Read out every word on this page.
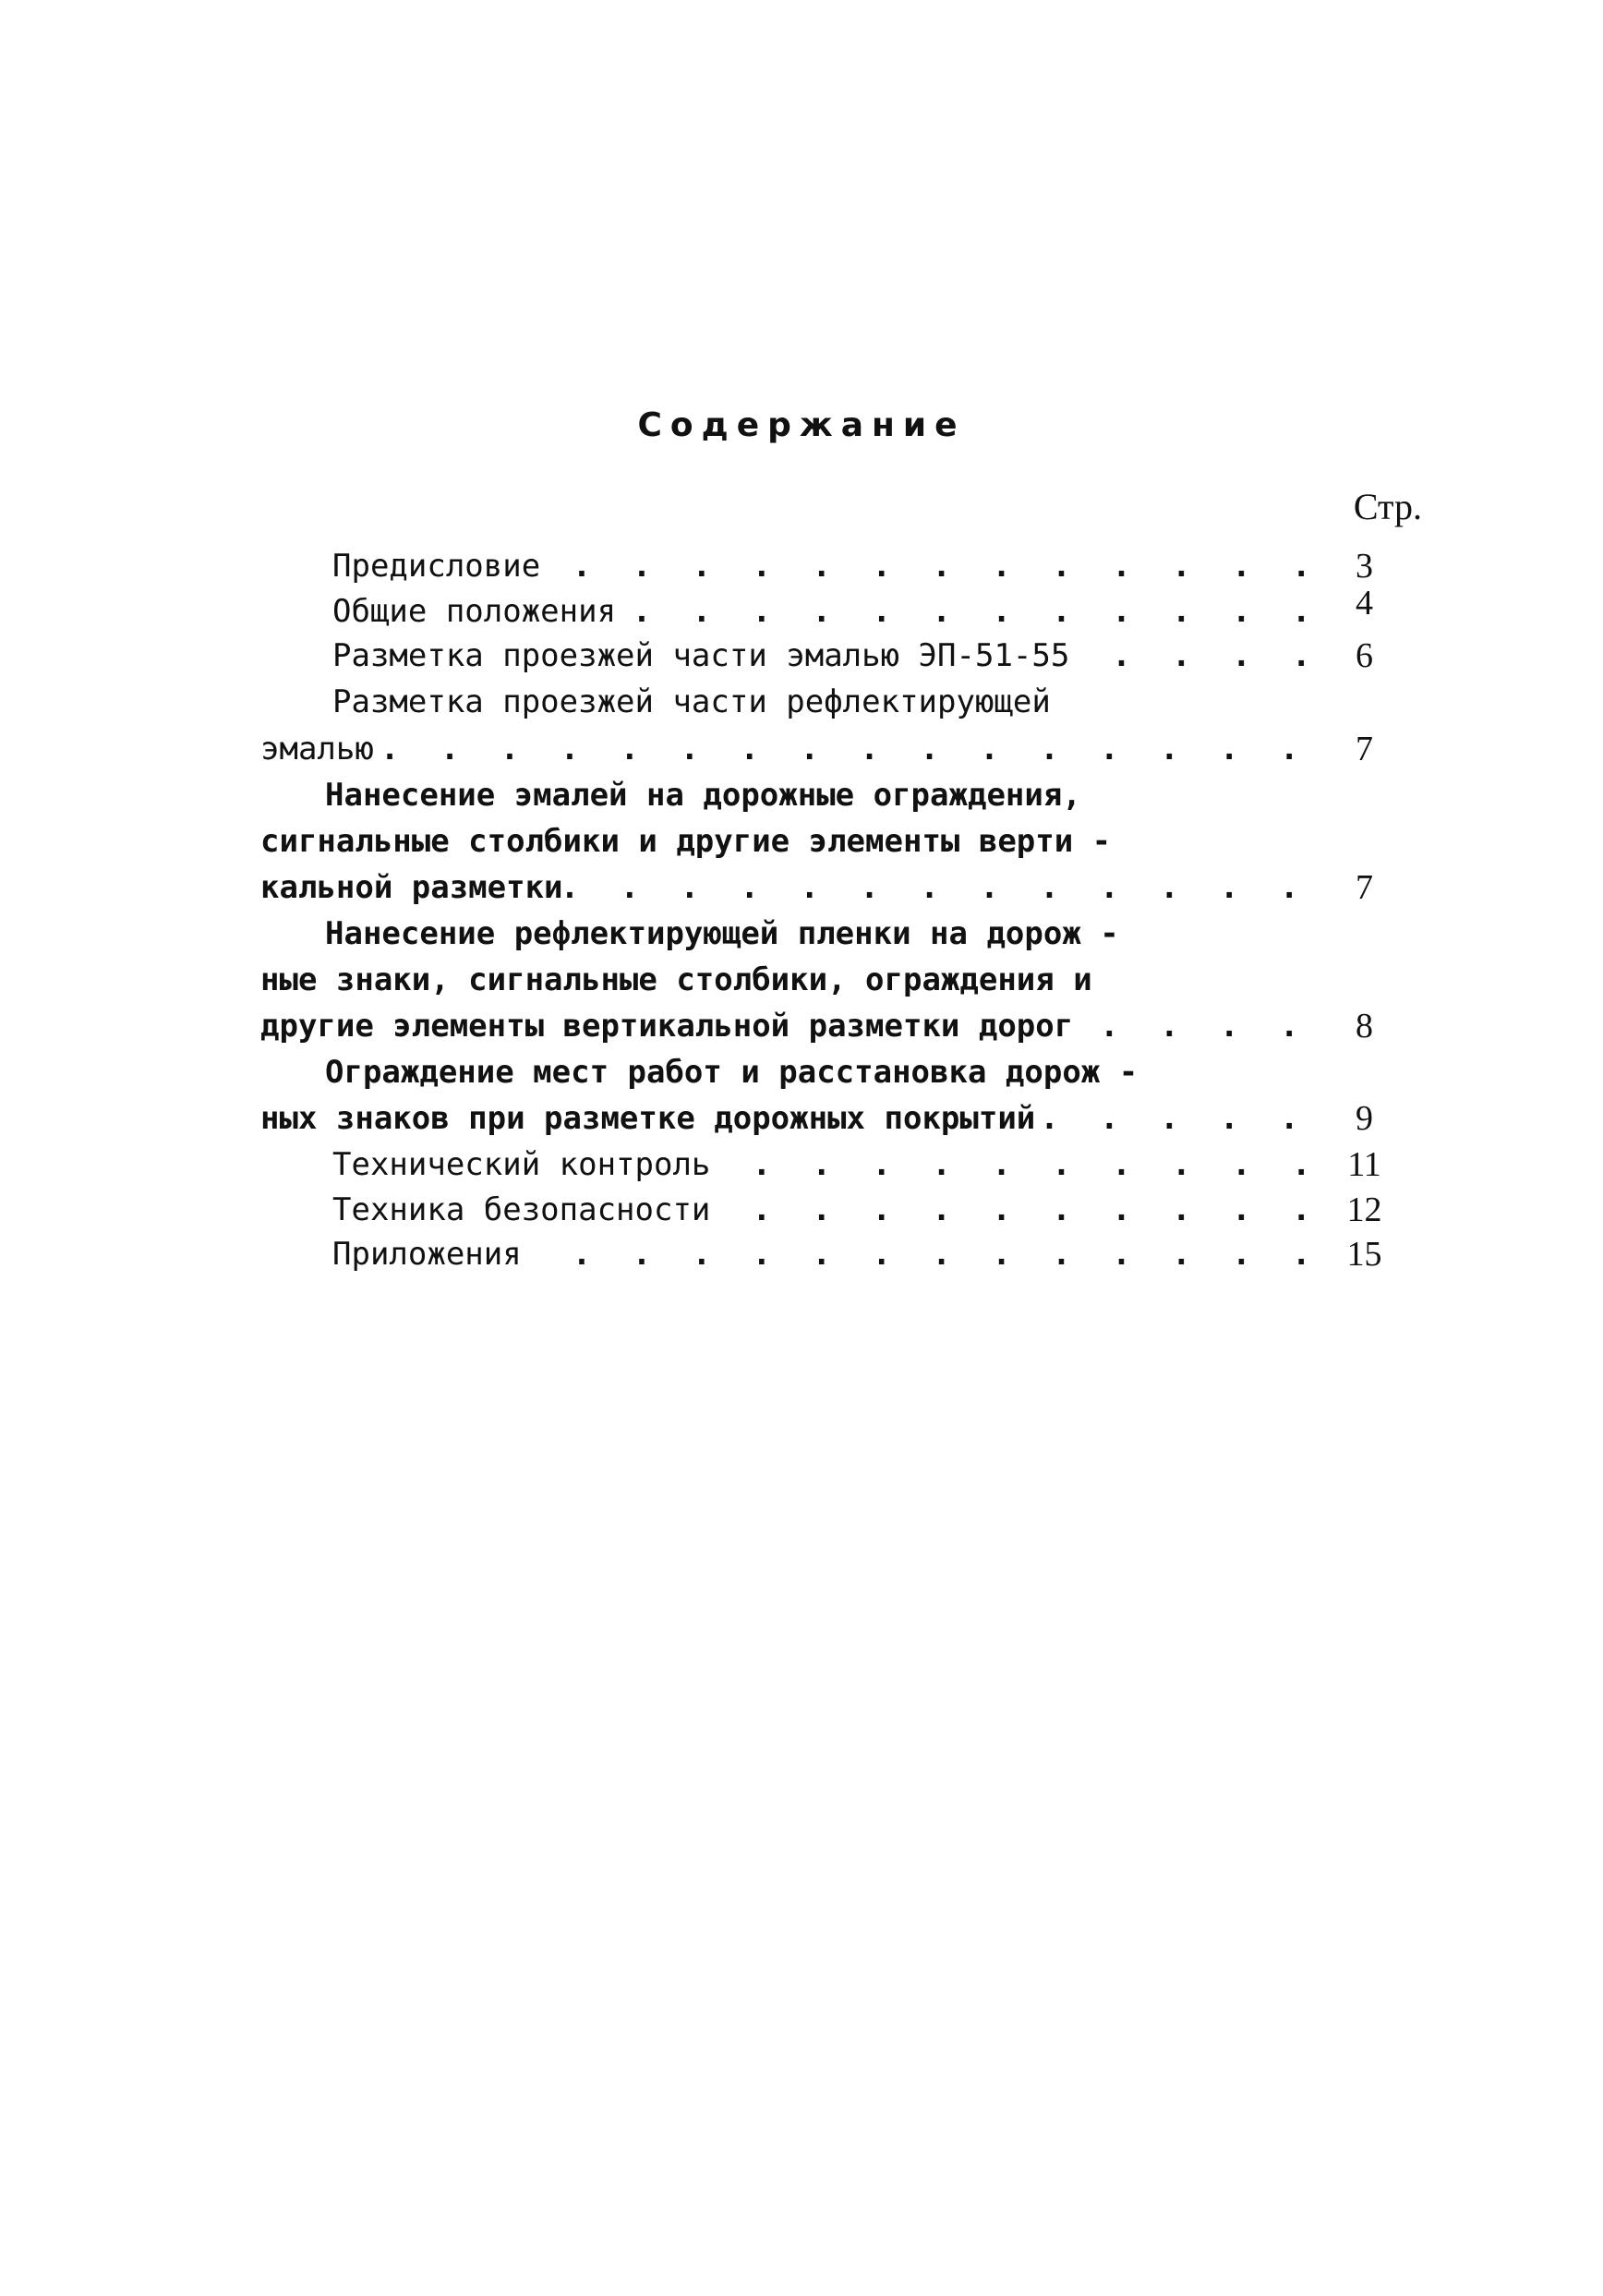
Содержание
Стр.
. . .
Предисловие	3
. . .
Общие положения	4
. . .
Разметка проезжей части эмалью ЭП-51-55	6
Разметка проезжей части рефлектирующей
. . .
эмалью	7
Нанесение эмалей на дорожные ограждения,
сигнальные столбики и другие элементы верти -
. . .
кальной разметки	7
Нанесение рефлектирующей пленки на дорож -
ные знаки, сигнальные столбики, ограждения и
. . .
другие элементы вертикальной разметки дорог	8
Ограждение мест работ и расстановка дорож -
. . .
ных знаков при разметке дорожных покрытий	9
. . .
Технический контроль	11
. . .
Техника безопасности	12
. . .
Приложения	15
